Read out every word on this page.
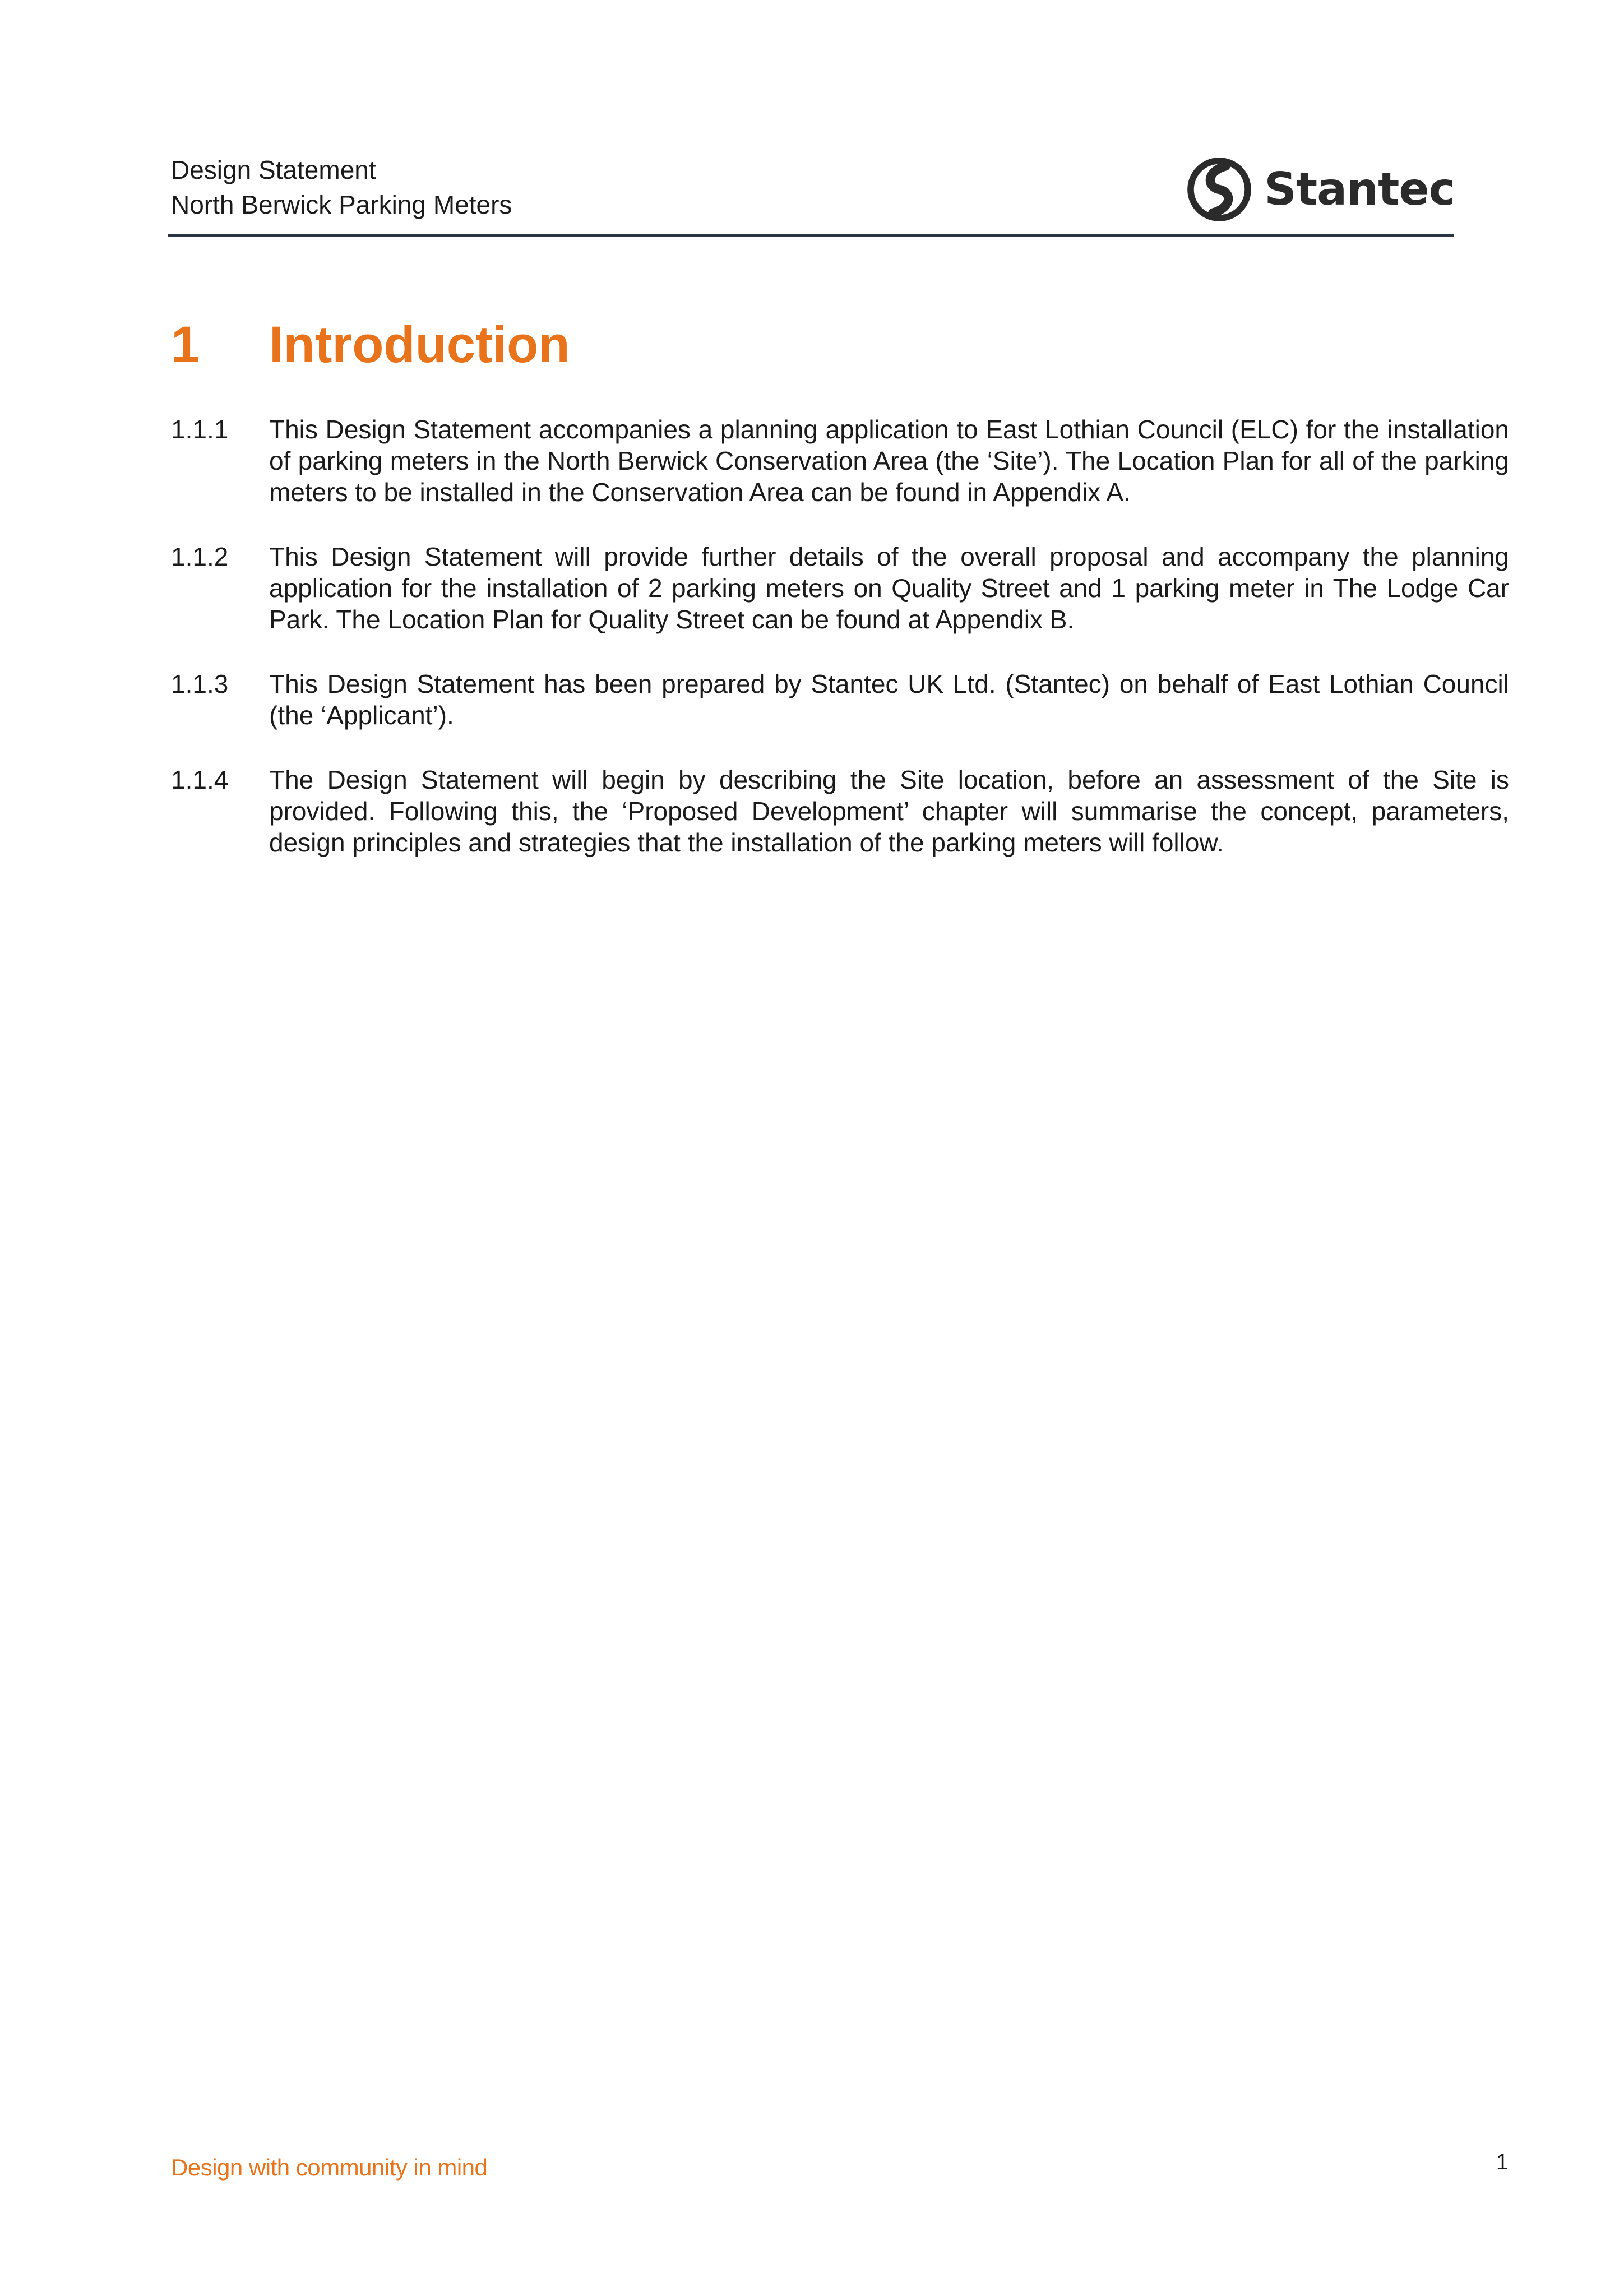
Design Statement
North Berwick Parking Meters	Stantec
1 Introduction
1.1.1	This Design Statement accompanies a planning application to East Lothian Council (ELC) for the installation of parking meters in the North Berwick Conservation Area (the ‘Site’). The Location Plan for all of the parking meters to be installed in the Conservation Area can be found in Appendix A.
1.1.2	This Design Statement will provide further details of the overall proposal and accompany the planning application for the installation of 2 parking meters on Quality Street and 1 parking meter in The Lodge Car Park. The Location Plan for Quality Street can be found at Appendix B.
1.1.3	This Design Statement has been prepared by Stantec UK Ltd. (Stantec) on behalf of East Lothian Council (the ‘Applicant’).
1.1.4	The Design Statement will begin by describing the Site location, before an assessment of the Site is provided. Following this, the ‘Proposed Development’ chapter will summarise the concept, parameters, design principles and strategies that the installation of the parking meters will follow.
Design with community in mind	1
